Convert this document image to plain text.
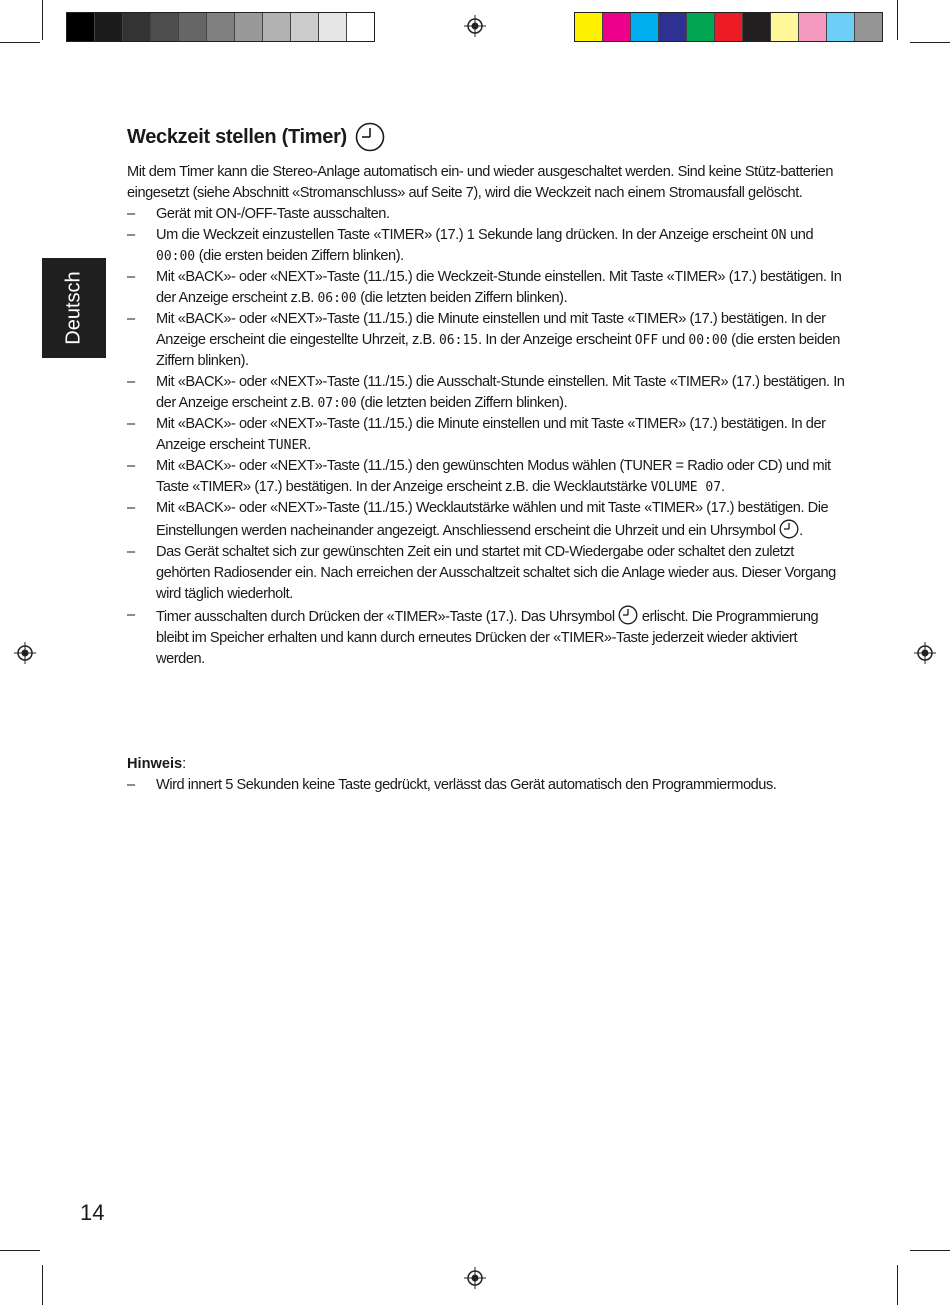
Deutsch
Weckzeit stellen (Timer)

Mit dem Timer kann die Stereo-Anlage automatisch ein- und wieder ausgeschaltet werden. Sind keine Stütz-batterien eingesetzt (siehe Abschnitt «Stromanschluss» auf Seite 7), wird die Weckzeit nach einem Stromausfall gelöscht.

– Gerät mit ON-/OFF-Taste ausschalten.
– Um die Weckzeit einzustellen Taste «TIMER» (17.) 1 Sekunde lang drücken. In der Anzeige erscheint ON und 00:00 (die ersten beiden Ziffern blinken).
– Mit «BACK»- oder «NEXT»-Taste (11./15.) die Weckzeit-Stunde einstellen. Mit Taste «TIMER» (17.) bestätigen. In der Anzeige erscheint z.B. 06:00 (die letzten beiden Ziffern blinken).
– Mit «BACK»- oder «NEXT»-Taste (11./15.) die Minute einstellen und mit Taste «TIMER» (17.) bestätigen. In der Anzeige erscheint die eingestellte Uhrzeit, z.B. 06:15. In der Anzeige erscheint OFF und 00:00 (die ersten beiden Ziffern blinken).
– Mit «BACK»- oder «NEXT»-Taste (11./15.) die Ausschalt-Stunde einstellen. Mit Taste «TIMER» (17.) bestätigen. In der Anzeige erscheint z.B. 07:00 (die letzten beiden Ziffern blinken).
– Mit «BACK»- oder «NEXT»-Taste (11./15.) die Minute einstellen und mit Taste «TIMER» (17.) bestätigen. In der Anzeige erscheint TUNER.
– Mit «BACK»- oder «NEXT»-Taste (11./15.) den gewünschten Modus wählen (TUNER = Radio oder CD) und mit Taste «TIMER» (17.) bestätigen. In der Anzeige erscheint z.B. die Wecklautstärke VOLUME 07.
– Mit «BACK»- oder «NEXT»-Taste (11./15.) Wecklautstärke wählen und mit Taste «TIMER» (17.) bestätigen. Die Einstellungen werden nacheinander angezeigt. Anschliessend erscheint die Uhrzeit und ein Uhrsymbol .
– Das Gerät schaltet sich zur gewünschten Zeit ein und startet mit CD-Wiedergabe oder schaltet den zuletzt gehörten Radiosender ein. Nach erreichen der Ausschaltzeit schaltet sich die Anlage wieder aus. Dieser Vorgang wird täglich wiederholt.
– Timer ausschalten durch Drücken der «TIMER»-Taste (17.). Das Uhrsymbol  erlischt. Die Programmierung bleibt im Speicher erhalten und kann durch erneutes Drücken der «TIMER»-Taste jederzeit wieder aktiviert werden.
Hinweis:
– Wird innert 5 Sekunden keine Taste gedrückt, verlässt das Gerät automatisch den Programmiermodus.
14
